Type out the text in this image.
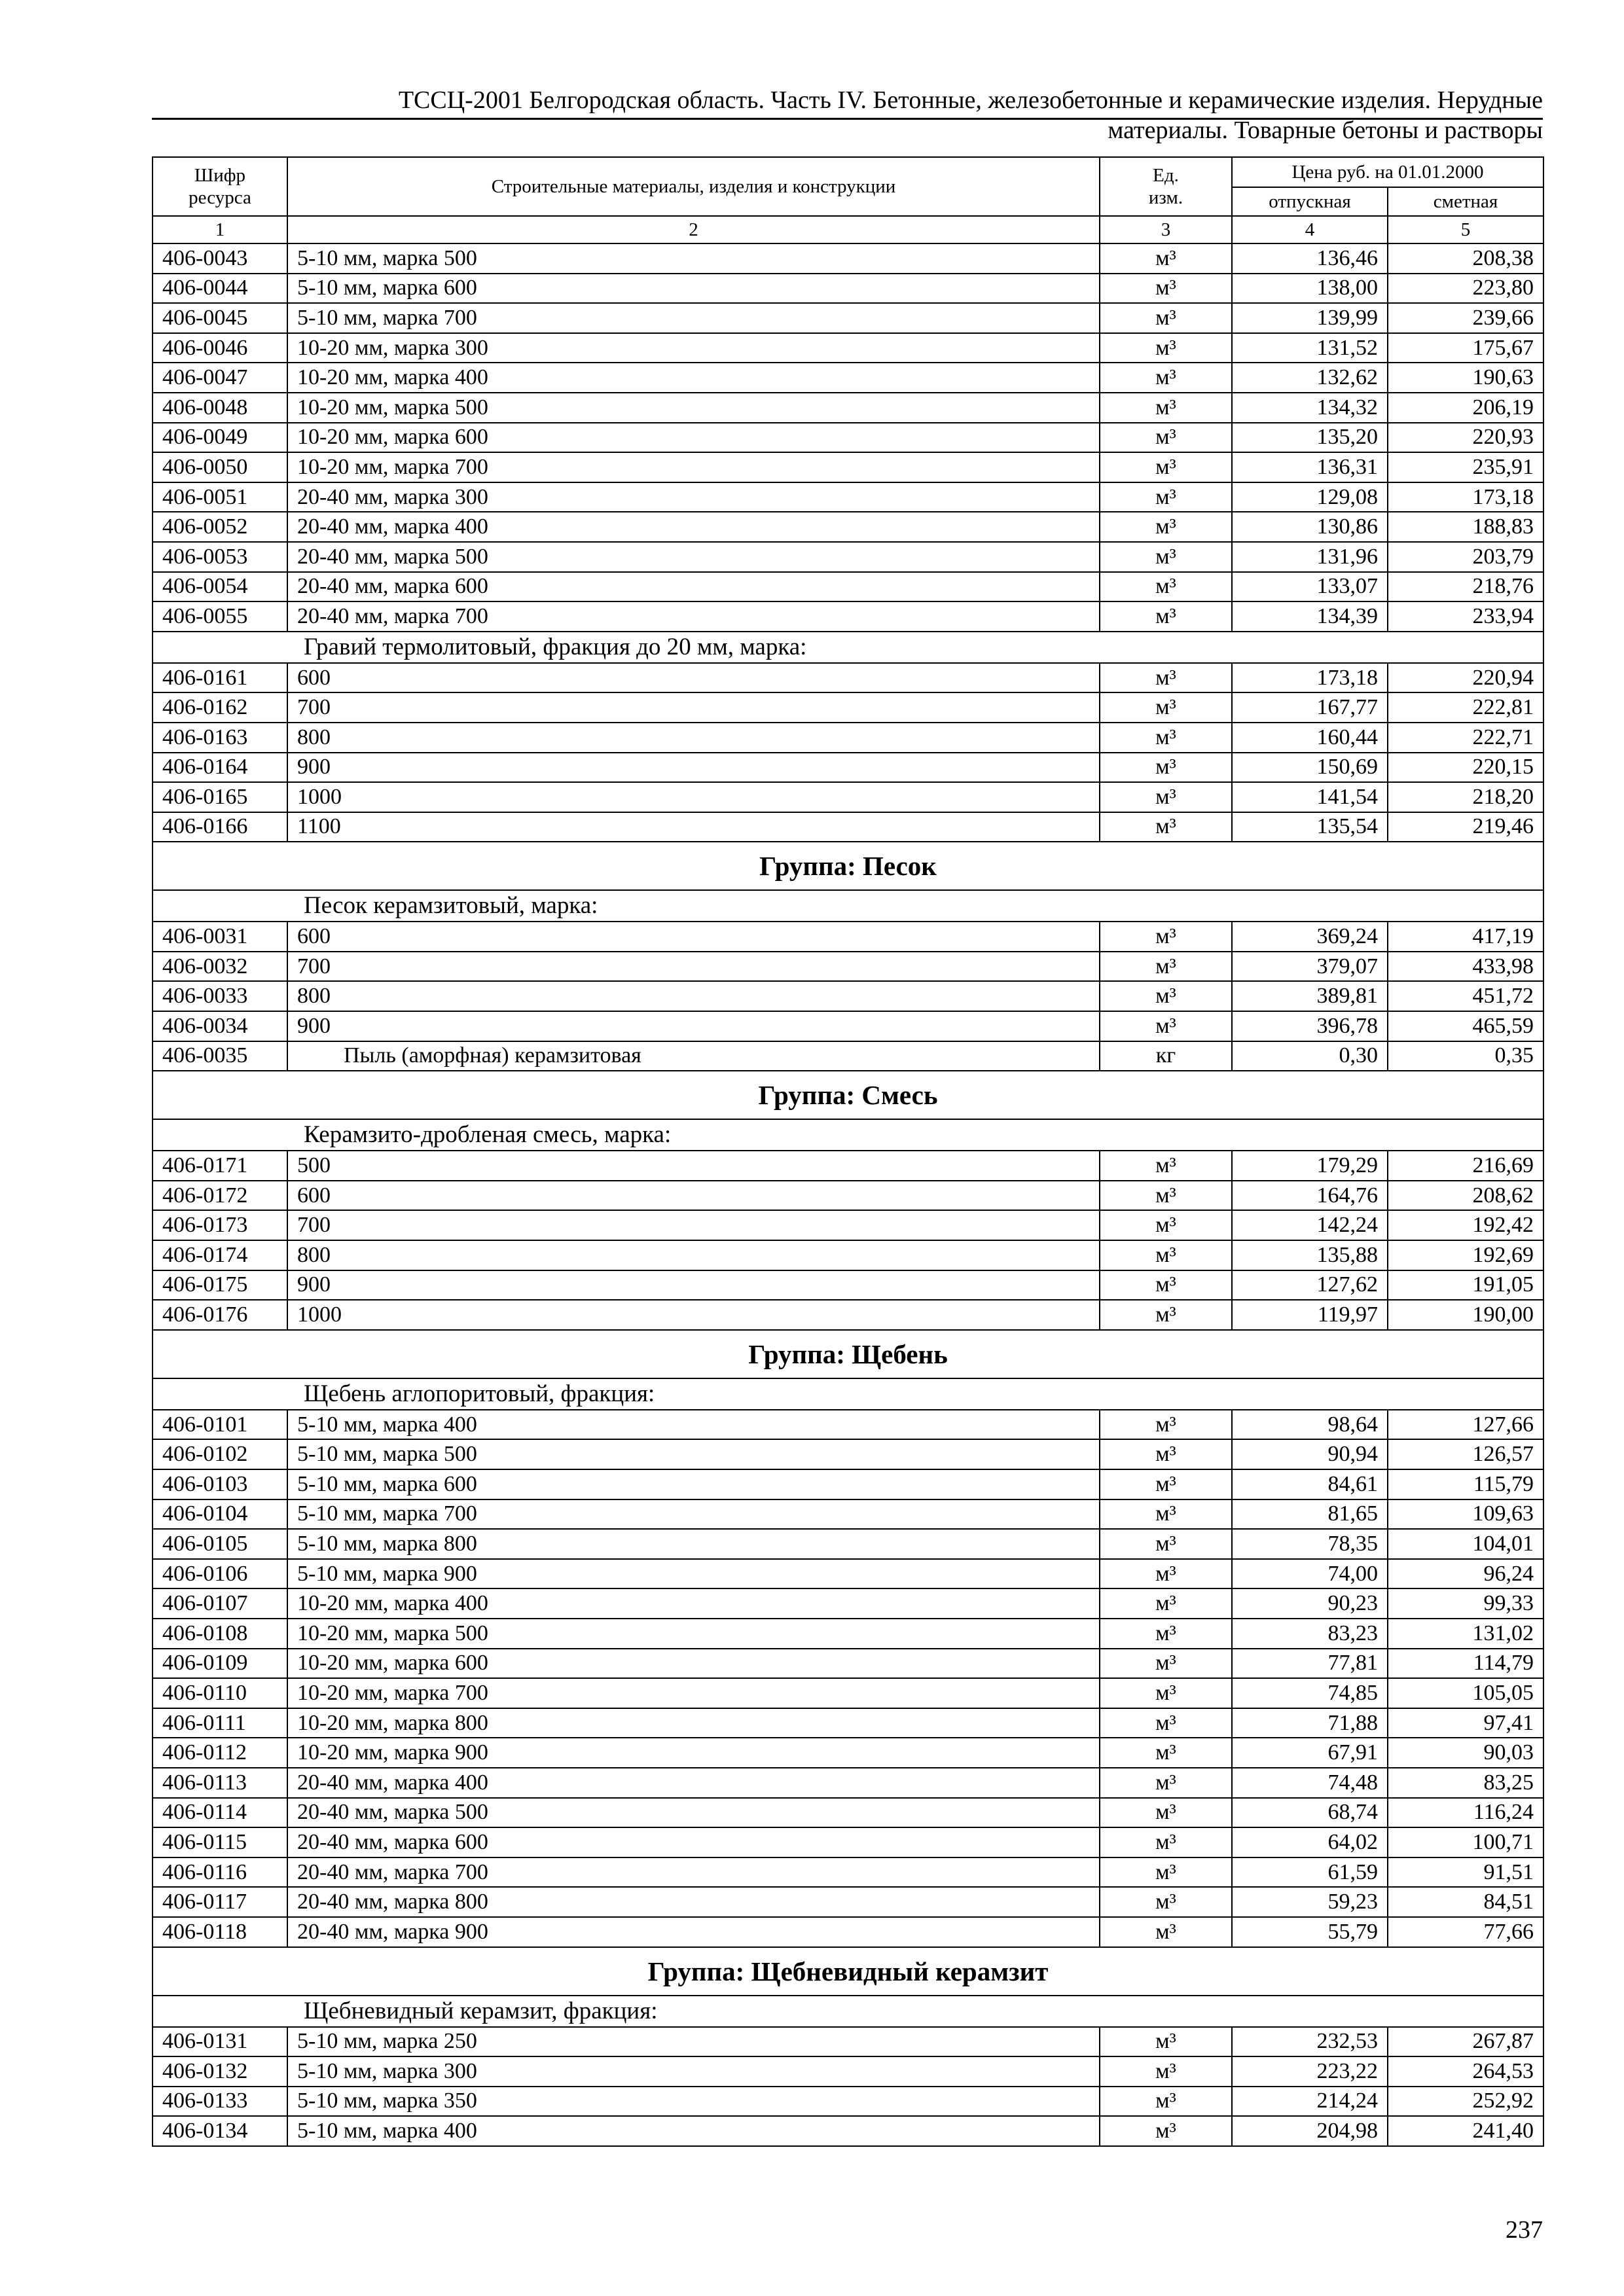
ТССЦ-2001 Белгородская область. Часть IV. Бетонные, железобетонные и керамические изделия. Нерудные
материалы. Товарные бетоны и растворы
Шифр
ресурса	Строительные материалы, изделия и конструкции	Ед.
изм.	Цена руб. на 01.01.2000	
			отпускная	сметная
1	2	3	4	5
406-0043	5-10 мм, марка 500	м³	136,46	208,38
406-0044	5-10 мм, марка 600	м³	138,00	223,80
406-0045	5-10 мм, марка 700	м³	139,99	239,66
406-0046	10-20 мм, марка 300	м³	131,52	175,67
406-0047	10-20 мм, марка 400	м³	132,62	190,63
406-0048	10-20 мм, марка 500	м³	134,32	206,19
406-0049	10-20 мм, марка 600	м³	135,20	220,93
406-0050	10-20 мм, марка 700	м³	136,31	235,91
406-0051	20-40 мм, марка 300	м³	129,08	173,18
406-0052	20-40 мм, марка 400	м³	130,86	188,83
406-0053	20-40 мм, марка 500	м³	131,96	203,79
406-0054	20-40 мм, марка 600	м³	133,07	218,76
406-0055	20-40 мм, марка 700	м³	134,39	233,94
Гравий термолитовый, фракция до 20 мм, марка:				
406-0161	600	м³	173,18	220,94
406-0162	700	м³	167,77	222,81
406-0163	800	м³	160,44	222,71
406-0164	900	м³	150,69	220,15
406-0165	1000	м³	141,54	218,20
406-0166	1100	м³	135,54	219,46
Группа: Песок				
Песок керамзитовый, марка:				
406-0031	600	м³	369,24	417,19
406-0032	700	м³	379,07	433,98
406-0033	800	м³	389,81	451,72
406-0034	900	м³	396,78	465,59
406-0035	Пыль (аморфная) керамзитовая	кг	0,30	0,35
Группа: Смесь				
Керамзито-дробленая смесь, марка:				
406-0171	500	м³	179,29	216,69
406-0172	600	м³	164,76	208,62
406-0173	700	м³	142,24	192,42
406-0174	800	м³	135,88	192,69
406-0175	900	м³	127,62	191,05
406-0176	1000	м³	119,97	190,00
Группа: Щебень				
Щебень аглопоритовый, фракция:				
406-0101	5-10 мм, марка 400	м³	98,64	127,66
406-0102	5-10 мм, марка 500	м³	90,94	126,57
406-0103	5-10 мм, марка 600	м³	84,61	115,79
406-0104	5-10 мм, марка 700	м³	81,65	109,63
406-0105	5-10 мм, марка 800	м³	78,35	104,01
406-0106	5-10 мм, марка 900	м³	74,00	96,24
406-0107	10-20 мм, марка 400	м³	90,23	99,33
406-0108	10-20 мм, марка 500	м³	83,23	131,02
406-0109	10-20 мм, марка 600	м³	77,81	114,79
406-0110	10-20 мм, марка 700	м³	74,85	105,05
406-0111	10-20 мм, марка 800	м³	71,88	97,41
406-0112	10-20 мм, марка 900	м³	67,91	90,03
406-0113	20-40 мм, марка 400	м³	74,48	83,25
406-0114	20-40 мм, марка 500	м³	68,74	116,24
406-0115	20-40 мм, марка 600	м³	64,02	100,71
406-0116	20-40 мм, марка 700	м³	61,59	91,51
406-0117	20-40 мм, марка 800	м³	59,23	84,51
406-0118	20-40 мм, марка 900	м³	55,79	77,66
Группа: Щебневидный керамзит				
Щебневидный керамзит, фракция:				
406-0131	5-10 мм, марка 250	м³	232,53	267,87
406-0132	5-10 мм, марка 300	м³	223,22	264,53
406-0133	5-10 мм, марка 350	м³	214,24	252,92
406-0134	5-10 мм, марка 400	м³	204,98	241,40
237
